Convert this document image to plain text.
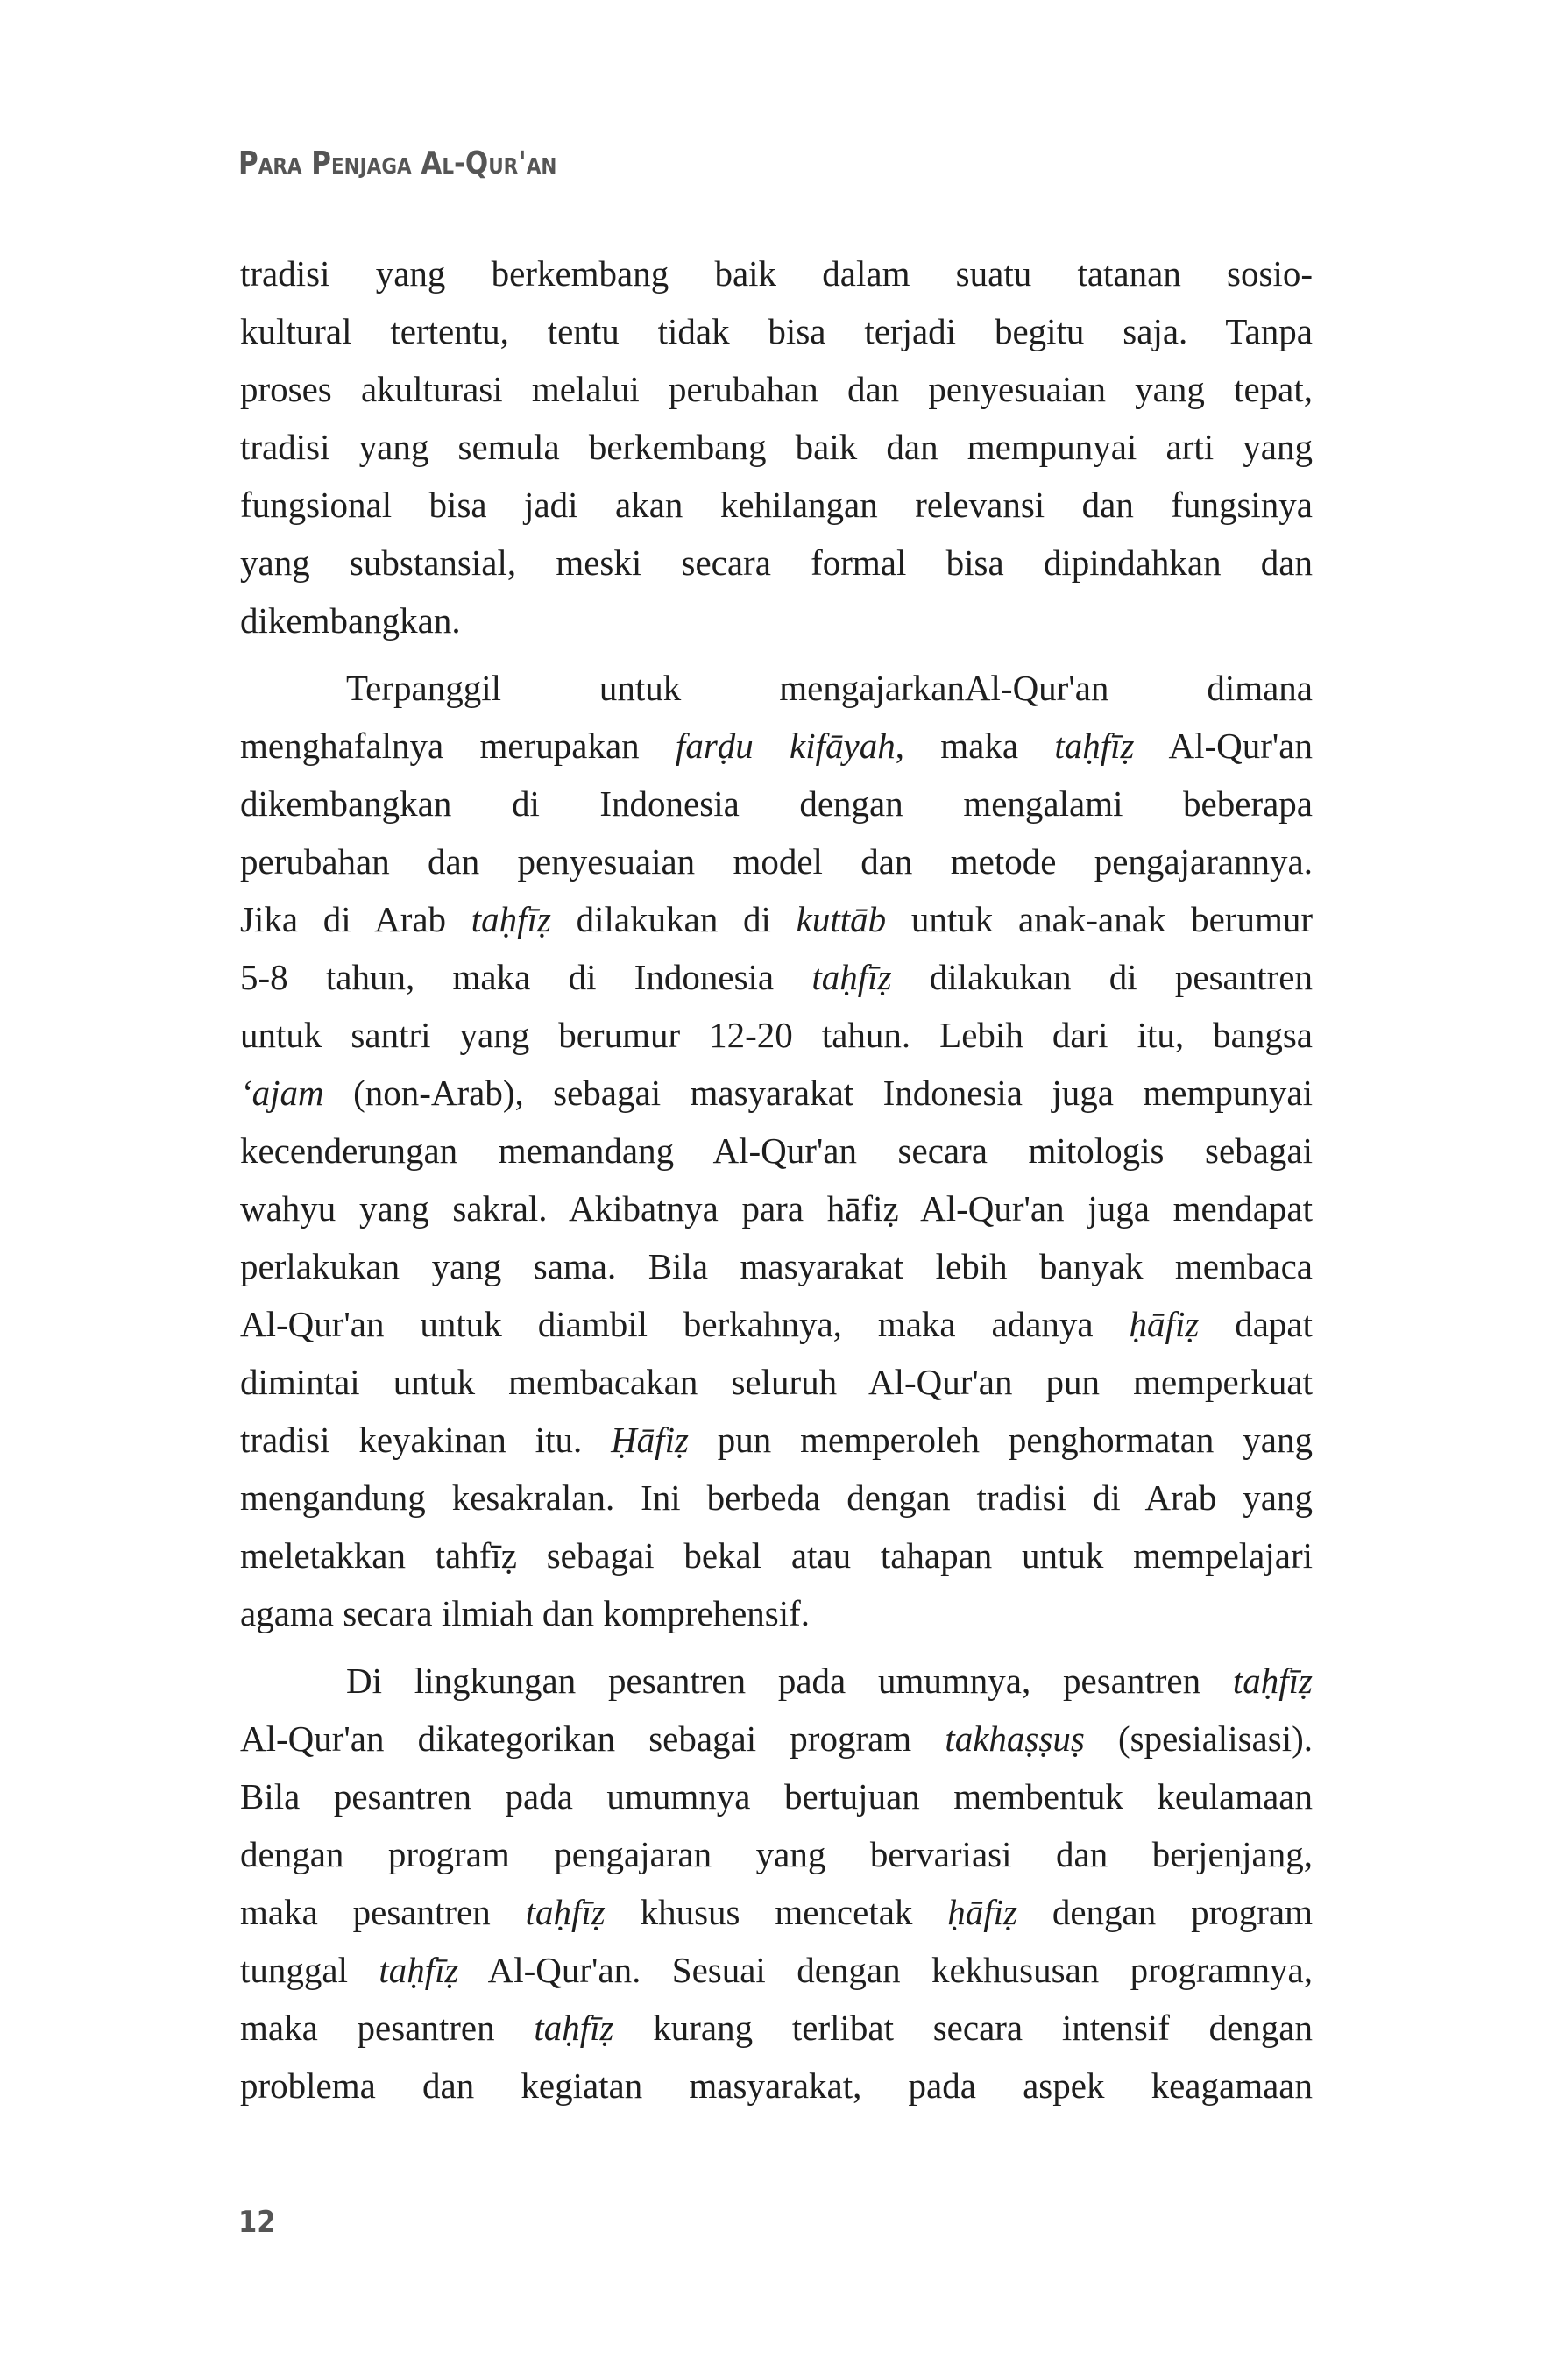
Para Penjaga Al-Qur'an
tradisi yang berkembang baik dalam suatu tatanan sosio-
kultural tertentu, tentu tidak bisa terjadi begitu saja. Tanpa
proses akulturasi melalui perubahan dan penyesuaian yang tepat,
tradisi yang semula berkembang baik dan mempunyai arti yang
fungsional bisa jadi akan kehilangan relevansi dan fungsinya
yang substansial, meski secara formal bisa dipindahkan dan
dikembangkan.
Terpanggil untuk mengajarkanAl-Qur'an dimana
menghafalnya merupakan farḍu kifāyah, maka taḥfīẓ Al-Qur'an
dikembangkan di Indonesia dengan mengalami beberapa
perubahan dan penyesuaian model dan metode pengajarannya.
Jika di Arab taḥfīẓ dilakukan di kuttāb untuk anak-anak berumur
5-8 tahun, maka di Indonesia taḥfīẓ dilakukan di pesantren
untuk santri yang berumur 12-20 tahun. Lebih dari itu, bangsa
‘ajam (non-Arab), sebagai masyarakat Indonesia juga mempunyai
kecenderungan memandang Al-Qur'an secara mitologis sebagai
wahyu yang sakral. Akibatnya para hāfiẓ Al-Qur'an juga mendapat
perlakukan yang sama. Bila masyarakat lebih banyak membaca
Al-Qur'an untuk diambil berkahnya, maka adanya ḥāfiẓ dapat
dimintai untuk membacakan seluruh Al-Qur'an pun memperkuat
tradisi keyakinan itu. Ḥāfiẓ pun memperoleh penghormatan yang
mengandung kesakralan. Ini berbeda dengan tradisi di Arab yang
meletakkan tahfīẓ sebagai bekal atau tahapan untuk mempelajari
agama secara ilmiah dan komprehensif.
Di lingkungan pesantren pada umumnya, pesantren taḥfīẓ
Al-Qur'an dikategorikan sebagai program takhaṣṣuṣ (spesialisasi).
Bila pesantren pada umumnya bertujuan membentuk keulamaan
dengan program pengajaran yang bervariasi dan berjenjang,
maka pesantren taḥfīẓ khusus mencetak ḥāfiẓ dengan program
tunggal taḥfīẓ Al-Qur'an. Sesuai dengan kekhususan programnya,
maka pesantren taḥfīẓ kurang terlibat secara intensif dengan
problema dan kegiatan masyarakat, pada aspek keagamaan
12
